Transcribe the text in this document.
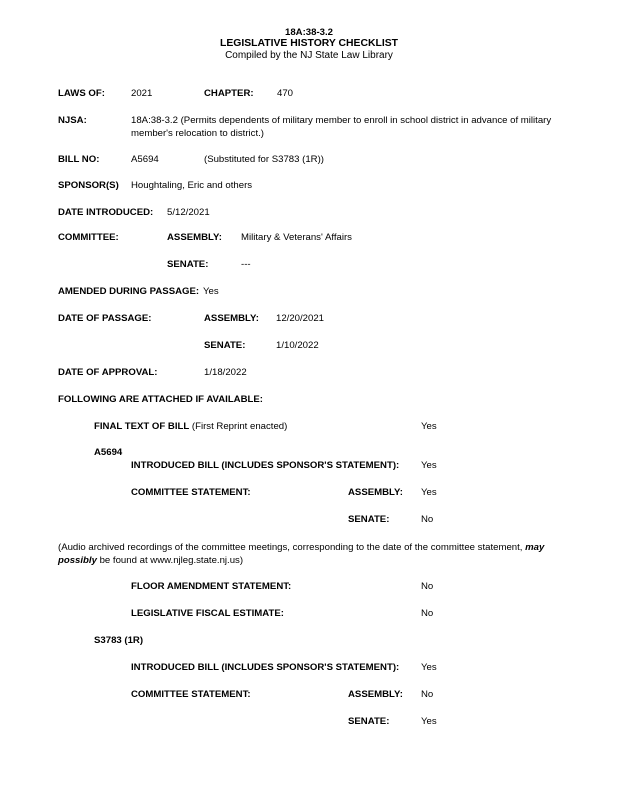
18A:38-3.2
LEGISLATIVE HISTORY CHECKLIST
Compiled by the NJ State Law Library
LAWS OF:	2021	CHAPTER: 470
NJSA:	18A:38-3.2 (Permits dependents of military member to enroll in school district in advance of military
member's relocation to district.)
BILL NO:	A5694	(Substituted for S3783 (1R))
SPONSOR(S) Houghtaling, Eric and others
DATE INTRODUCED: 5/12/2021
COMMITTEE:	ASSEMBLY: Military & Veterans' Affairs
SENATE:	---
AMENDED DURING PASSAGE: Yes
DATE OF PASSAGE:	ASSEMBLY: 12/20/2021
SENATE:	1/10/2022
DATE OF APPROVAL:	1/18/2022
FOLLOWING ARE ATTACHED IF AVAILABLE:
FINAL TEXT OF BILL (First Reprint enacted)	Yes
A5694
INTRODUCED BILL (INCLUDES SPONSOR'S STATEMENT): Yes
COMMITTEE STATEMENT:	ASSEMBLY: Yes
SENATE:	No
(Audio archived recordings of the committee meetings, corresponding to the date of the committee statement, may possibly be found at www.njleg.state.nj.us)
FLOOR AMENDMENT STATEMENT:	No
LEGISLATIVE FISCAL ESTIMATE:	No
S3783 (1R)
INTRODUCED BILL (INCLUDES SPONSOR'S STATEMENT): Yes
COMMITTEE STATEMENT:	ASSEMBLY: No
SENATE:	Yes
